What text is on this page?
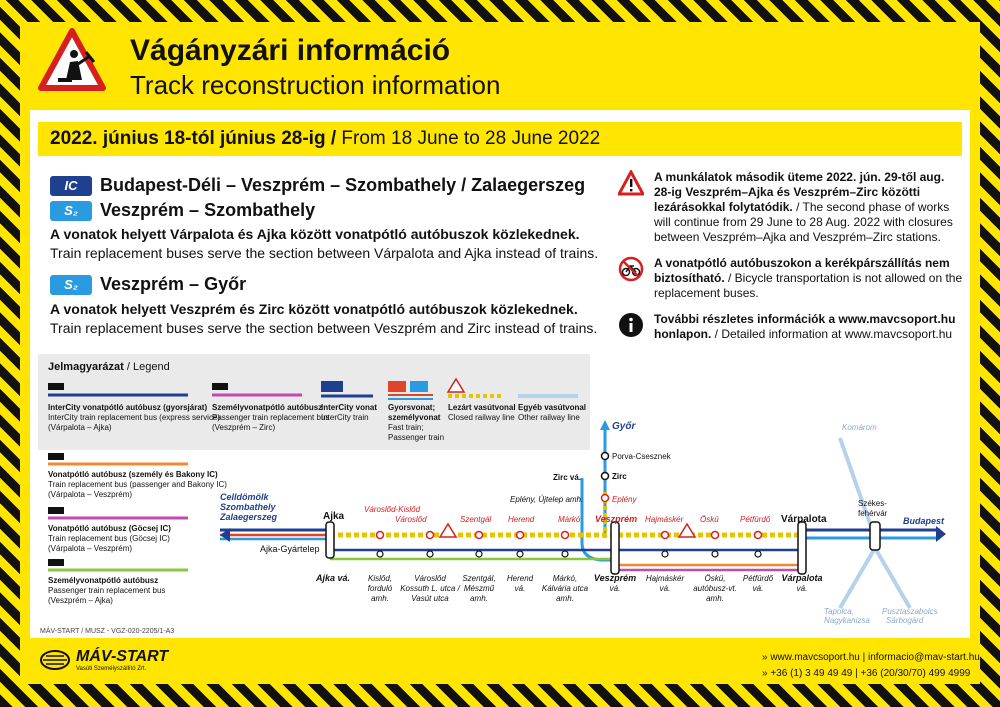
Vágányzári információ
Track reconstruction information
2022. június 18-tól június 28-ig / From 18 June to 28 June 2022
IC	Budapest-Déli – Veszprém – Szombathely / Zalaegerszeg
S₂	Veszprém – Szombathely
A vonatok helyett Várpalota és Ajka között vonatpótló autóbuszok közlekednek.
Train replacement buses serve the section between Várpalota and Ajka instead of trains.
S₂	Veszprém – Győr
A vonatok helyett Veszprém és Zirc között vonatpótló autóbuszok közlekednek.
Train replacement buses serve the section between Veszprém and Zirc instead of trains.
A munkálatok második üteme 2022. jún. 29-től aug. 28-ig Veszprém–Ajka és Veszprém–Zirc közötti lezárásokkal folytatódik. / The second phase of works will continue from 29 June to 28 Aug. 2022 with closures between Veszprém–Ajka and Veszprém–Zirc stations.
A vonatpótló autóbuszokon a kerékpárszállítás nem biztosítható. / Bicycle transportation is not allowed on the replacement buses.
További részletes információk a www.mavcsoport.hu honlapon. / Detailed information at www.mavcsoport.hu
Jelmagyarázat / Legend
InterCity vonatpótló autóbusz (gyorsjárat)
InterCity train replacement bus (express service)
(Várpalota – Ajka)
Személyvonatpótló autóbusz
Passenger train replacement bus
(Veszprém – Zirc)
InterCity vonat
InterCity train
Gyorsvonat; személyvonat
Fast train;
Passenger train
Lezárt vasútvonal
Closed railway line
Egyéb vasútvonal
Other railway line
Vonatpótló autóbusz (személy és Bakony IC)
Train replacement bus (passenger and Bakony IC)
(Várpalota – Veszprém)
Vonatpótló autóbusz (Göcsej IC)
Train replacement bus (Göcsej IC)
(Várpalota – Veszprém)
Személyvonatpótló autóbusz
Passenger train replacement bus
(Veszprém – Ajka)
Celldömölk
Szombathely
Zalaegerszeg	Ajka
Ajka-Gyártelep
Városlőd-Kislőd
Városlőd	Szentgál Herend	Márkó Veszprém Hajmáskér Öskü	Pétfürdő Várpalota
Székes-
fehérvár
Budapest
Komárom
Tapolca,
Nagykanizsa
Pusztaszabolcs
Sárbogárd
Győr
Porva-Csesznek
Zirc
Zirc vá.
Eplény, Újtelep amh.	Eplény
Ajka vá. Kislőd,
forduló
amh.
Városlőd
Kossuth L. utca /
Vasút utca
Szentgál,
Mészmű
amh.
Herend
vá.
Márkó,
Kálvária utca
amh.
Veszprém
vá.
Hajmáskér
vá.
Öskü,
autóbusz-vt.
amh.
Pétfürdő
vá.
Várpalota
vá.
MÁV-START / MUSZ - VGZ-020-2205/1-A3
MÁV-START
Vasúti Személyszállító Zrt.
» www.mavcsoport.hu | informacio@mav-start.hu
» +36 (1) 3 49 49 49 | +36 (20/30/70) 499 4999
